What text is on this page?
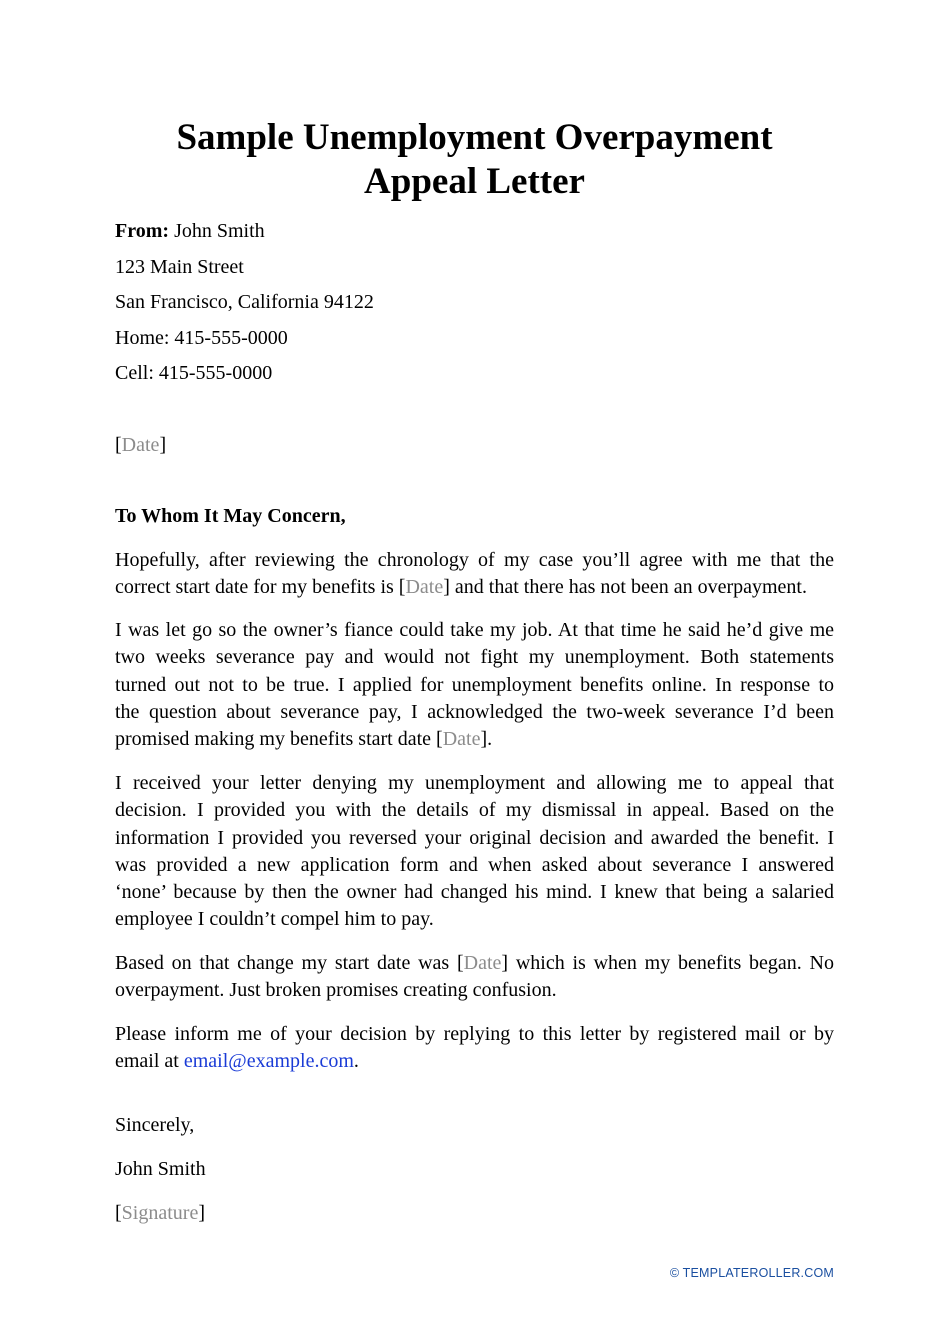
Sample Unemployment Overpayment
Appeal Letter

From: John Smith

123 Main Street

San Francisco, California 94122

Home: 415-555-0000

Cell: 415-555-0000

[Date]

To Whom It May Concern,

Hopefully, after reviewing the chronology of my case you’ll agree with me that the
correct start date for my benefits is [Date] and that there has not been an overpayment.
I was let go so the owner’s fiance could take my job. At that time he said he’d give me
two weeks severance pay and would not fight my unemployment. Both statements
turned out not to be true. I applied for unemployment benefits online. In response to
the question about severance pay, I acknowledged the two-week severance I’d been
promised making my benefits start date [Date].
I received your letter denying my unemployment and allowing me to appeal that
decision. I provided you with the details of my dismissal in appeal. Based on the
information I provided you reversed your original decision and awarded the benefit. I
was provided a new application form and when asked about severance I answered
‘none’ because by then the owner had changed his mind. I knew that being a salaried
employee I couldn’t compel him to pay.
Based on that change my start date was [Date] which is when my benefits began. No
overpayment. Just broken promises creating confusion.
Please inform me of your decision by replying to this letter by registered mail or by
email at email@example.com.

Sincerely,

John Smith

[Signature]

© TEMPLATEROLLER.COM
